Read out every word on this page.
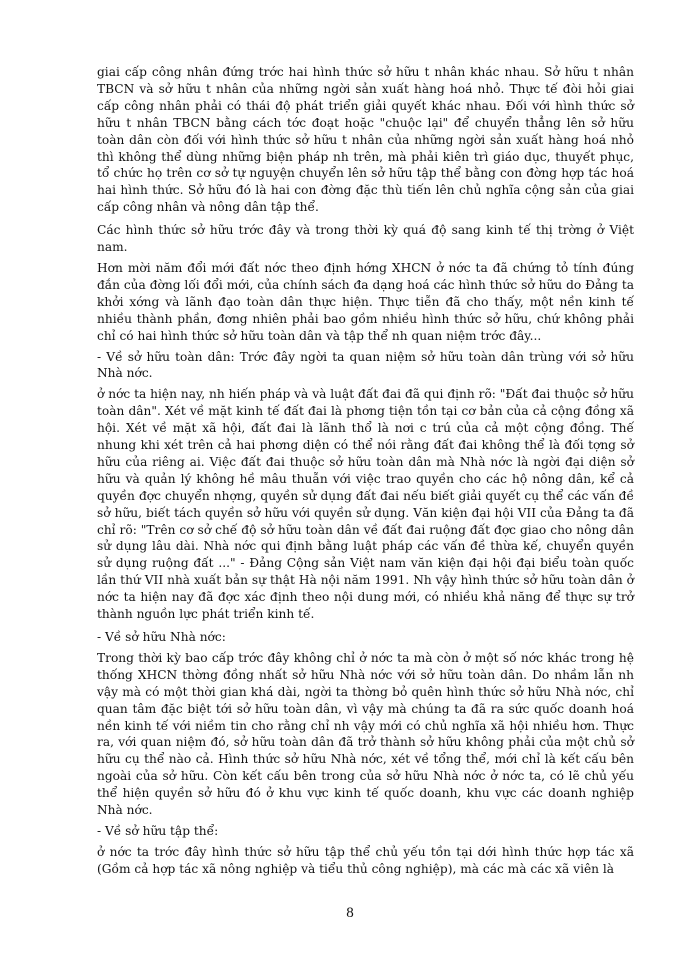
giai cấp công nhân đứng trớc hai hình thức sở hữu t nhân khác nhau. Sở hữu t nhân TBCN và sở hữu t nhân của những ngời sản xuất hàng hoá nhỏ. Thực tế đòi hỏi giai cấp công nhân phải có thái độ phát triển giải quyết khác nhau. Đối với hình thức sở hữu t nhân TBCN bằng cách tớc đoạt hoặc "chuộc lại" để chuyển thẳng lên sở hữu toàn dân còn đối với hình thức sở hữu t nhân của những ngời sản xuất hàng hoá nhỏ thì không thể dùng những biện pháp nh trên, mà phải kiên trì giáo dục, thuyết phục, tổ chức họ trên cơ sở tự nguyện chuyển lên sở hữu tập thể bằng con đờng hợp tác hoá hai hình thức. Sở hữu đó là hai con đờng đặc thù tiến lên chủ nghĩa cộng sản của giai cấp công nhân và nông dân tập thể.

Các hình thức sở hữu trớc đây và trong thời kỳ quá độ sang kinh tế thị trờng ở Việt nam.

Hơn mời năm đổi mới đất nớc theo định hớng XHCN ở nớc ta đã chứng tỏ tính đúng đắn của đờng lối đổi mới, của chính sách đa dạng hoá các hình thức sở hữu do Đảng ta khởi xớng và lãnh đạo toàn dân thực hiện. Thực tiễn đã cho thấy, một nền kinh tế nhiều thành phần, đơng nhiên phải bao gồm nhiều hình thức sở hữu, chứ không phải chỉ có hai hình thức sở hữu toàn dân và tập thể nh quan niệm trớc đây...

- Về sở hữu toàn dân: Trớc đây ngời ta quan niệm sở hữu toàn dân trùng với sở hữu Nhà nớc.

ở nớc ta hiện nay, nh hiến pháp và và luật đất đai đã qui định rõ: "Đất đai thuộc sở hữu toàn dân". Xét về mặt kinh tế đất đai là phơng tiện tồn tại cơ bản của cả cộng đồng xã hội. Xét về mặt xã hội, đất đai là lãnh thổ là nơi c trú của cả một cộng đồng. Thế nhung khi xét trên cả hai phơng diện có thể nói rằng đất đai không thể là đối tợng sở hữu của riêng ai. Việc đất đai thuộc sở hữu toàn dân mà Nhà nớc là ngời đại diện sở hữu và quản lý không hề mâu thuẫn với việc trao quyền cho các hộ nông dân, kể cả quyền đợc chuyển nhợng, quyền sử dụng đất đai nếu biết giải quyết cụ thể các vấn đề sở hữu, biết tách quyền sở hữu với quyền sử dụng. Văn kiện đại hội VII của Đảng ta đã chỉ rõ: "Trên cơ sở chế độ sở hữu toàn dân về đất đai ruộng đất đợc giao cho nông dân sử dụng lâu dài. Nhà nớc qui định bằng luật pháp các vấn đề thừa kế, chuyển quyền sử dụng ruộng đất ..." - Đảng Cộng sản Việt nam văn kiện đại hội đại biểu toàn quốc lần thứ VII nhà xuất bản sự thật Hà nội năm 1991. Nh vậy hình thức sở hữu toàn dân ở nớc ta hiện nay đã đợc xác định theo nội dung mới, có nhiều khả năng để thực sự trở thành nguồn lực phát triển kinh tế.

- Về sở hữu Nhà nớc:

Trong thời kỳ bao cấp trớc đây không chỉ ở nớc ta mà còn ở một số nớc khác trong hệ thống XHCN thờng đồng nhất sở hữu Nhà nớc với sở hữu toàn dân. Do nhầm lẫn nh vậy mà có một thời gian khá dài, ngời ta thờng bỏ quên hình thức sở hữu Nhà nớc, chỉ quan tâm đặc biệt tới sở hữu toàn dân, vì vậy mà chúng ta đã ra sức quốc doanh hoá nền kinh tế với niềm tin cho rằng chỉ nh vậy mới có chủ nghĩa xã hội nhiều hơn. Thực ra, với quan niệm đó, sở hữu toàn dân đã trở thành sở hữu không phải của một chủ sở hữu cụ thể nào cả. Hình thức sở hữu Nhà nớc, xét về tổng thể, mới chỉ là kết cấu bên ngoài của sở hữu. Còn kết cấu bên trong của sở hữu Nhà nớc ở nớc ta, có lẽ chủ yếu thể hiện quyền sở hữu đó ở khu vực kinh tế quốc doanh, khu vực các doanh nghiệp Nhà nớc.

- Về sở hữu tập thể:

ở nớc ta trớc đây hình thức sở hữu tập thể chủ yếu tồn tại dới hình thức hợp tác xã (Gồm cả hợp tác xã nông nghiệp và tiểu thủ công nghiệp), mà các mà các xã viên là

8
